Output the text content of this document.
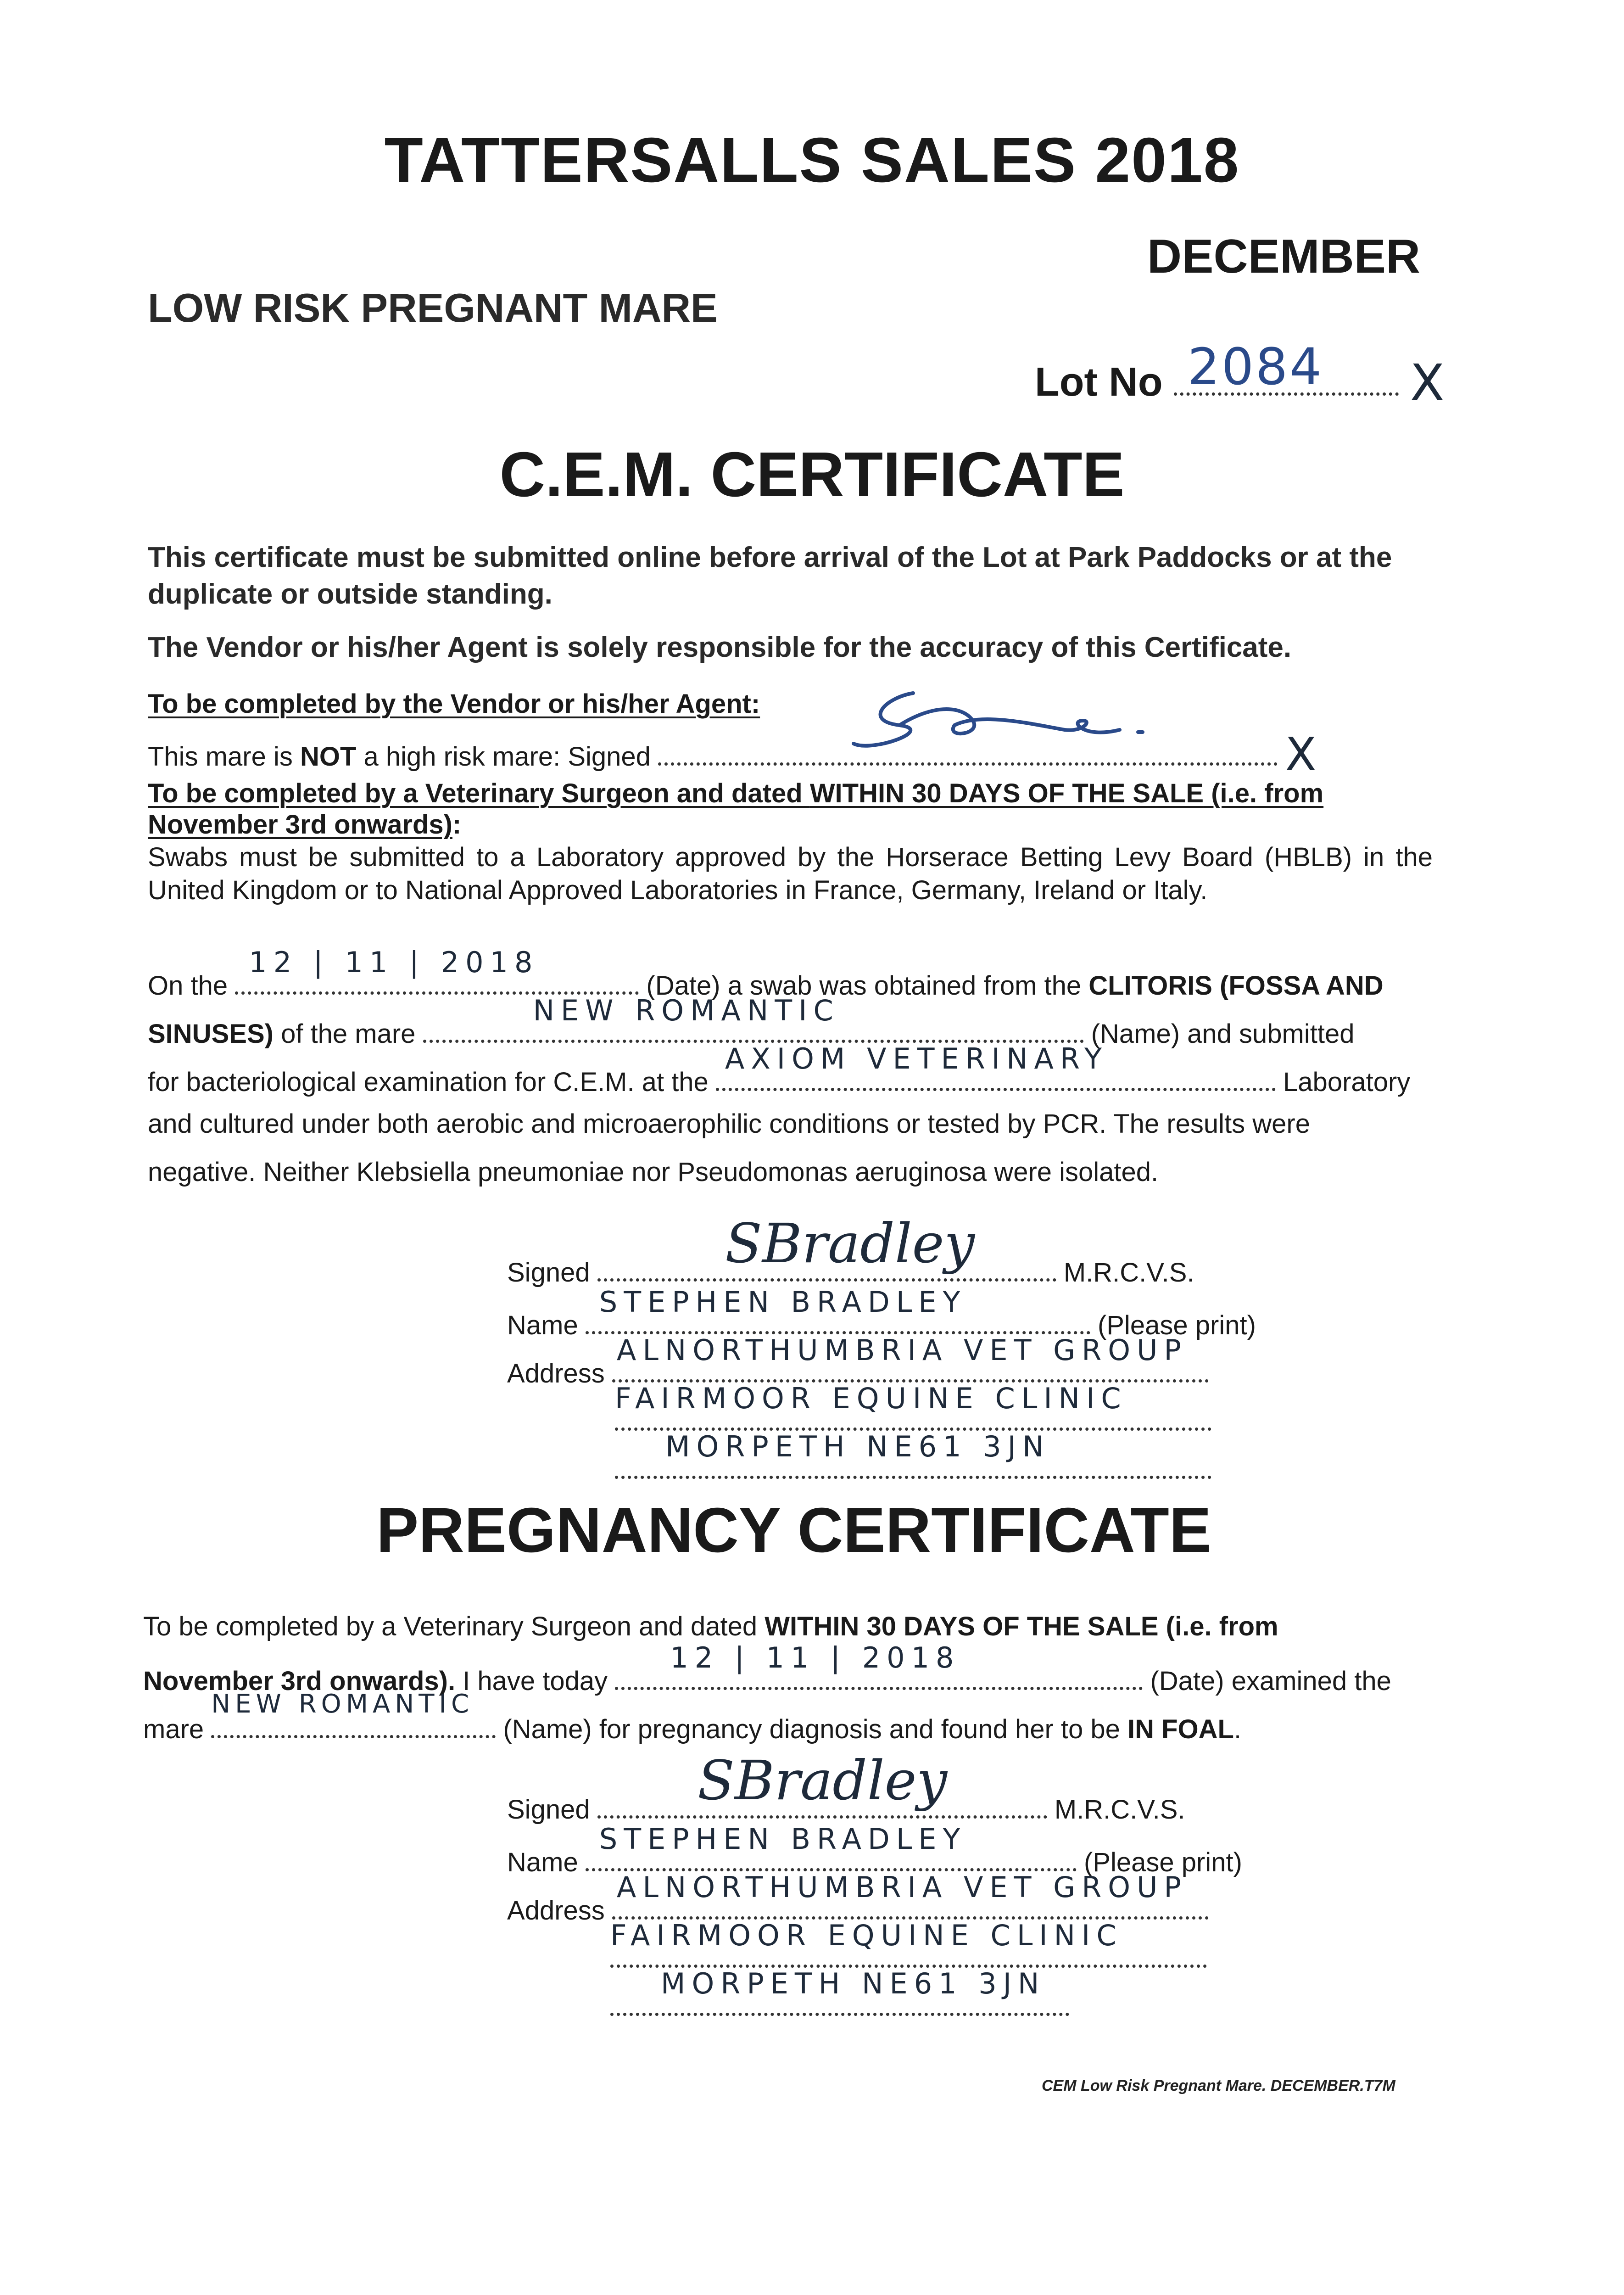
TATTERSALLS SALES 2018
DECEMBER
LOW RISK PREGNANT MARE
Lot No 2084 X
C.E.M. CERTIFICATE

This certificate must be submitted online before arrival of the Lot at Park Paddocks or at the duplicate or outside standing.

The Vendor or his/her Agent is solely responsible for the accuracy of this Certificate.

To be completed by the Vendor or his/her Agent:
This mare is NOT a high risk mare: Signed	X
To be completed by a Veterinary Surgeon and dated WITHIN 30 DAYS OF THE SALE (i.e. from
November 3rd onwards):

Swabs must be submitted to a Laboratory approved by the Horserace Betting Levy Board (HBLB) in the United Kingdom or to National Approved Laboratories in France, Germany, Ireland or Italy.

On the
12 | 11 | 2018
(Date) a swab was obtained from the CLITORIS (FOSSA AND
SINUSES) of the mare
NEW ROMANTIC
(Name) and submitted
for bacteriological examination for C.E.M. at the
AXIOM VETERINARY
Laboratory
and cultured under both aerobic and microaerophilic conditions or tested by PCR. The results were
negative. Neither Klebsiella pneumoniae nor Pseudomonas aeruginosa were isolated.
Signed	M.R.C.V.S.
SBradley
Name
STEPHEN BRADLEY
(Please print)
Address
ALNORTHUMBRIA VET GROUP
FAIRMOOR EQUINE CLINIC
MORPETH NE61 3JN
PREGNANCY CERTIFICATE
To be completed by a Veterinary Surgeon and dated WITHIN 30 DAYS OF THE SALE (i.e. from
November 3rd onwards). I have today
12 | 11 | 2018
(Date) examined the
mare
NEW ROMANTIC
(Name) for pregnancy diagnosis and found her to be IN FOAL.
Signed	M.R.C.V.S.
SBradley
Name
STEPHEN BRADLEY
(Please print)
Address
ALNORTHUMBRIA VET GROUP
FAIRMOOR EQUINE CLINIC
MORPETH NE61 3JN
CEM Low Risk Pregnant Mare. DECEMBER.T7M
